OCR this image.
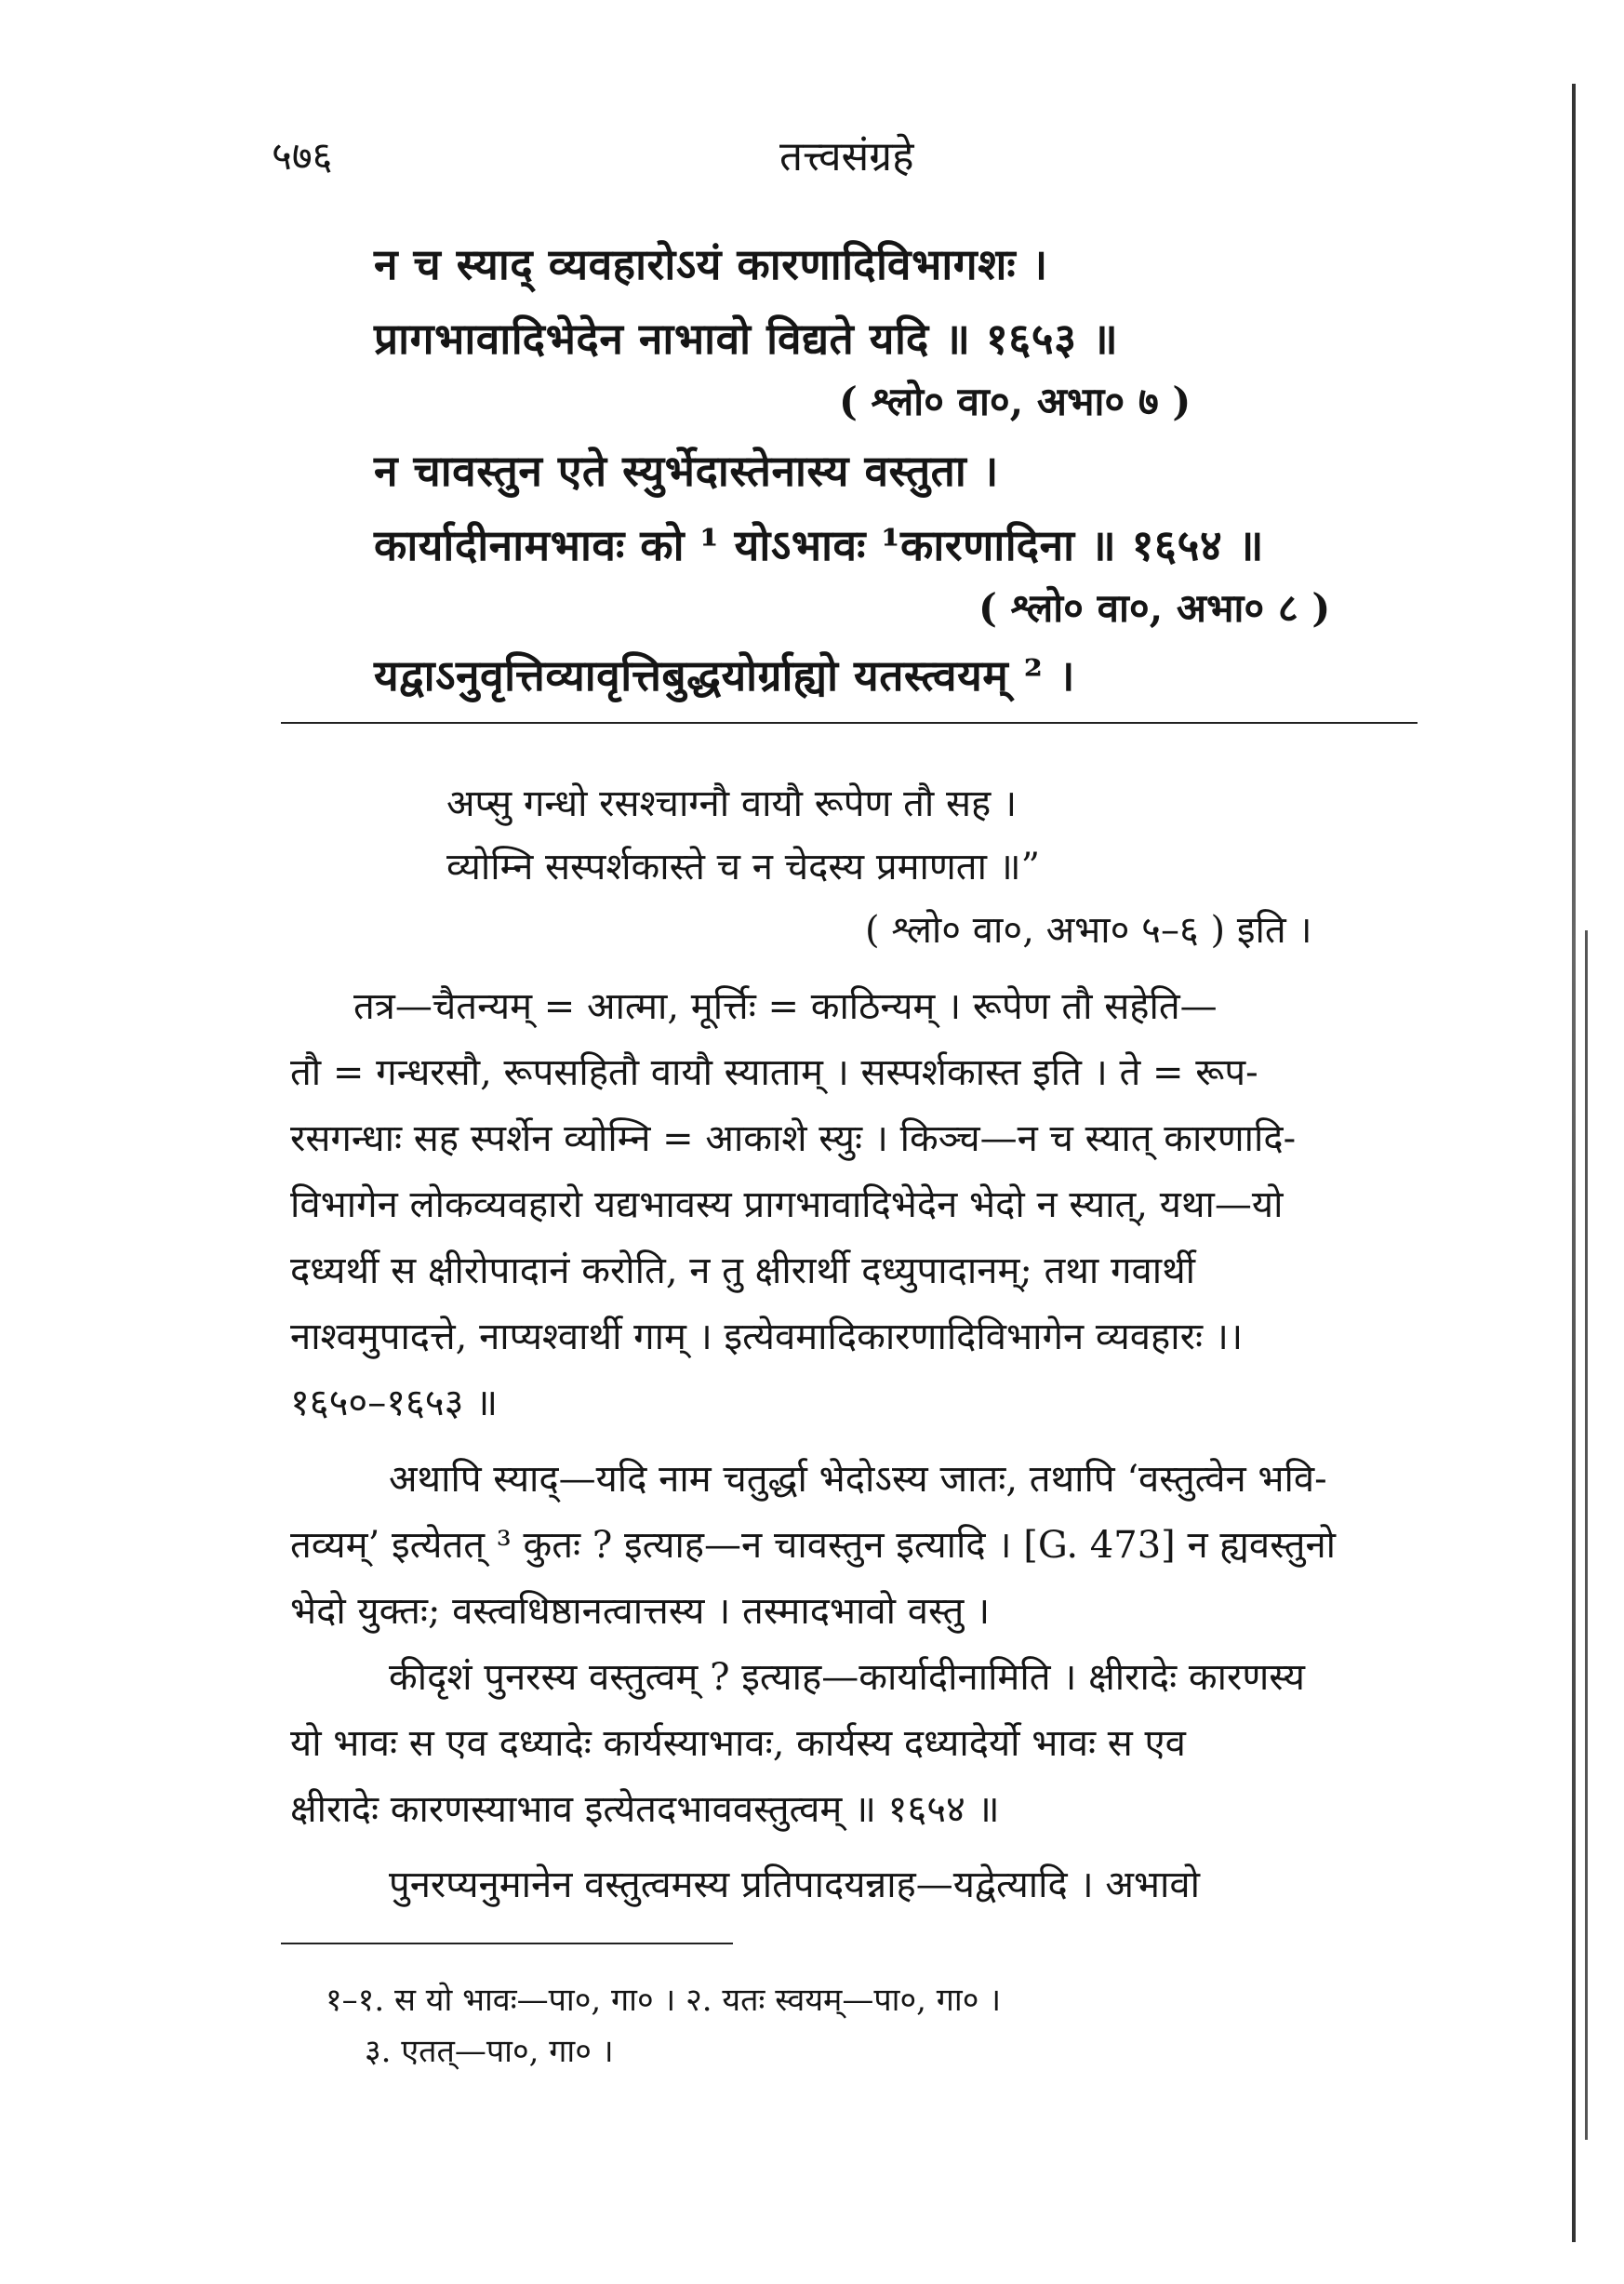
५७६	तत्त्वसंग्रहे
न च स्याद् व्यवहारोऽयं कारणादिविभागशः ।
प्रागभावादिभेदेन नाभावो विद्यते यदि ॥ १६५३ ॥
( श्लो० वा०, अभा० ७ )
न चावस्तुन एते स्युर्भेदास्तेनास्य वस्तुता ।
कार्यादीनामभावः को ¹ योऽभावः ¹कारणादिना ॥ १६५४ ॥
( श्लो० वा०, अभा० ८ )
यद्वाऽनुवृत्तिव्यावृत्तिबुद्धयोर्ग्राह्यो यतस्त्वयम् ² ।
अप्सु गन्धो रसश्चाग्नौ वायौ रूपेण तौ सह ।
व्योम्नि सस्पर्शकास्ते च न चेदस्य प्रमाणता ॥”
( श्लो० वा०, अभा० ५–६ ) इति ।
तत्र—चैतन्यम् = आत्मा, मूर्त्तिः = काठिन्यम् । रूपेण तौ सहेति—
तौ = गन्धरसौ, रूपसहितौ वायौ स्याताम् । सस्पर्शकास्त इति । ते = रूप-
रसगन्धाः सह स्पर्शेन व्योम्नि = आकाशे स्युः । किञ्च—न च स्यात् कारणादि-
विभागेन लोकव्यवहारो यद्यभावस्य प्रागभावादिभेदेन भेदो न स्यात्, यथा—यो
दध्यर्थी स क्षीरोपादानं करोति, न तु क्षीरार्थी दध्युपादानम्; तथा गवार्थी
नाश्वमुपादत्ते, नाप्यश्वार्थी गाम् । इत्येवमादिकारणादिविभागेन व्यवहारः ।।
१६५०–१६५३ ॥
अथापि स्याद्—यदि नाम चतुर्द्धा भेदोऽस्य जातः, तथापि ‘वस्तुत्वेन भवि-
तव्यम्’ इत्येतत् ³ कुतः ? इत्याह—न चावस्तुन इत्यादि । [G. 473] न ह्यवस्तुनो
भेदो युक्तः; वस्त्वधिष्ठानत्वात्तस्य । तस्मादभावो वस्तु ।
कीदृशं पुनरस्य वस्तुत्वम् ? इत्याह—कार्यादीनामिति । क्षीरादेः कारणस्य
यो भावः स एव दध्यादेः कार्यस्याभावः, कार्यस्य दध्यादेर्यो भावः स एव
क्षीरादेः कारणस्याभाव इत्येतदभाववस्तुत्वम् ॥ १६५४ ॥
पुनरप्यनुमानेन वस्तुत्वमस्य प्रतिपादयन्नाह—यद्वेत्यादि । अभावो
१–१. स यो भावः—पा०, गा० । २. यतः स्वयम्—पा०, गा० ।
३. एतत्—पा०, गा० ।
